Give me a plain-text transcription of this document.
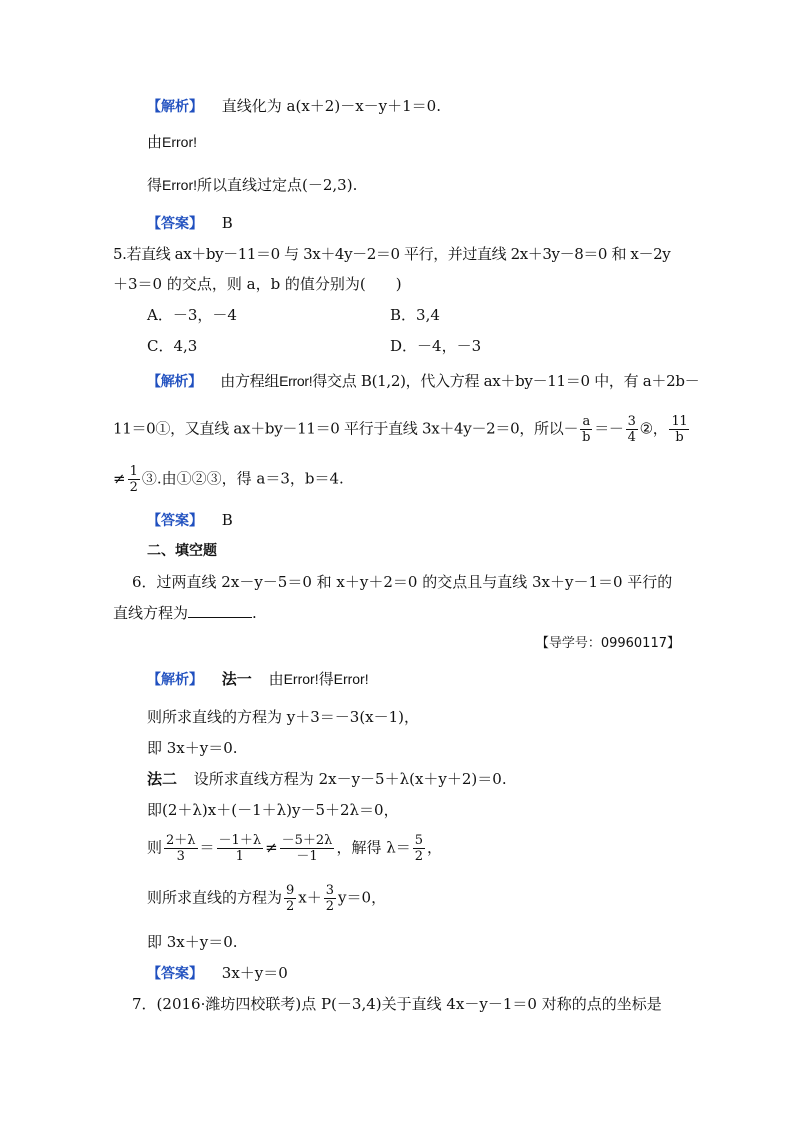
【解析】 直线化为 a(x＋2)－x－y＋1＝0.
由Error!
得Error!所以直线过定点(－2,3).
【答案】 B
5.若直线 ax＋by－11＝0 与 3x＋4y－2＝0 平行，并过直线 2x＋3y－8＝0 和 x－2y
＋3＝0 的交点，则 a，b 的值分别为(　　)
A．－3，－4	B．3,4
C．4,3	D．－4，－3
【解析】 由方程组Error!得交点 B(1,2)，代入方程 ax＋by－11＝0 中，有 a＋2b－
11＝0①，又直线 ax＋by－11＝0 平行于直线 3x＋4y－2＝0，所以－ $\frac{a}{b} =- \frac{3}{4}$ ②， $\frac{11}{b}$
≠ $\frac{1}{2}$ ③.由①②③，得 a＝3，b＝4.
【答案】 B
二、填空题
6．过两直线 2x－y－5＝0 和 x＋y＋2＝0 的交点且与直线 3x＋y－1＝0 平行的
直线方程为	.
【导学号：09960117】
【解析】 法一 由Error!得Error!
则所求直线的方程为 y＋3＝－3(x－1)，
即 3x＋y＝0.
法二 设所求直线方程为 2x－y－5＋λ(x＋y＋2)＝0.
即(2＋λ)x＋(－1＋λ)y－5＋2λ＝0，
则 $\frac{2+\lambda}{3} = \frac{-1+\lambda}{1} \ne \frac{-5+2\lambda}{-1}$ ，解得 $\lambda= \frac{5}{2}$ ，
则所求直线的方程为 $\frac{9}{2} x+ \frac{3}{2} y=0$，
即 3x＋y＝0.
【答案】 3x＋y＝0
7．(2016·潍坊四校联考)点 P(－3,4)关于直线 4x－y－1＝0 对称的点的坐标是
